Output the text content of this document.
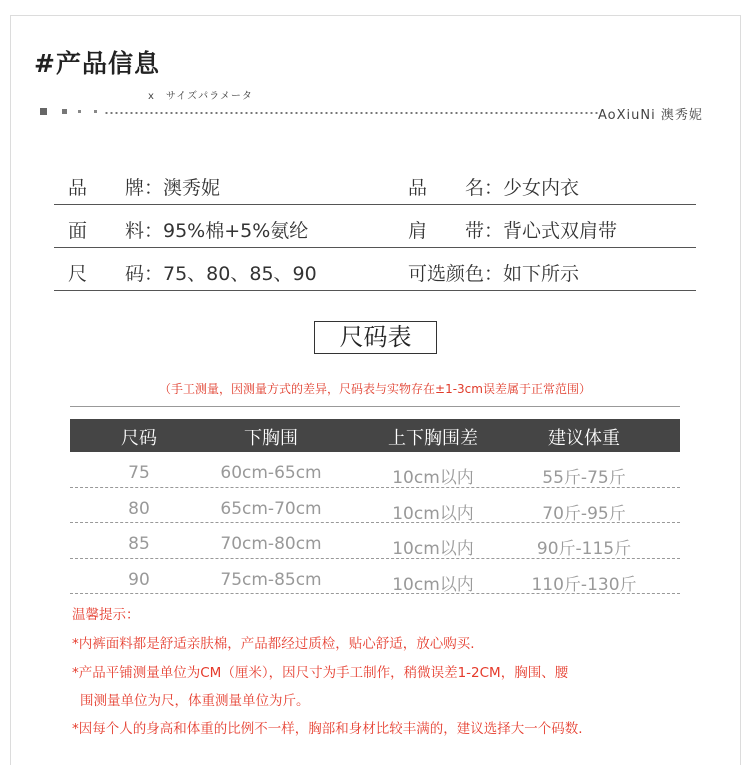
#产品信息
x　サイズパラメータ
AoXiuNi 澳秀妮
品　　牌：澳秀妮	品　　名：少女内衣
面　　料：95%棉+5%氨纶	肩　　带：背心式双肩带
尺　　码：75、80、85、90	可选颜色：如下所示
尺码表
（手工测量，因测量方式的差异，尺码表与实物存在±1-3cm误差属于正常范围）
尺码	下胸围	上下胸围差	建议体重
75	60cm-65cm	10cm以内	55斤-75斤
80	65cm-70cm	10cm以内	70斤-95斤
85	70cm-80cm	10cm以内	90斤-115斤
90	75cm-85cm	10cm以内	110斤-130斤
温馨提示：
*内裤面料都是舒适亲肤棉，产品都经过质检，贴心舒适，放心购买.
*产品平铺测量单位为CM（厘米），因尺寸为手工制作，稍微误差1-2CM，胸围、腰
围测量单位为尺，体重测量单位为斤。
*因每个人的身高和体重的比例不一样，胸部和身材比较丰满的，建议选择大一个码数.
